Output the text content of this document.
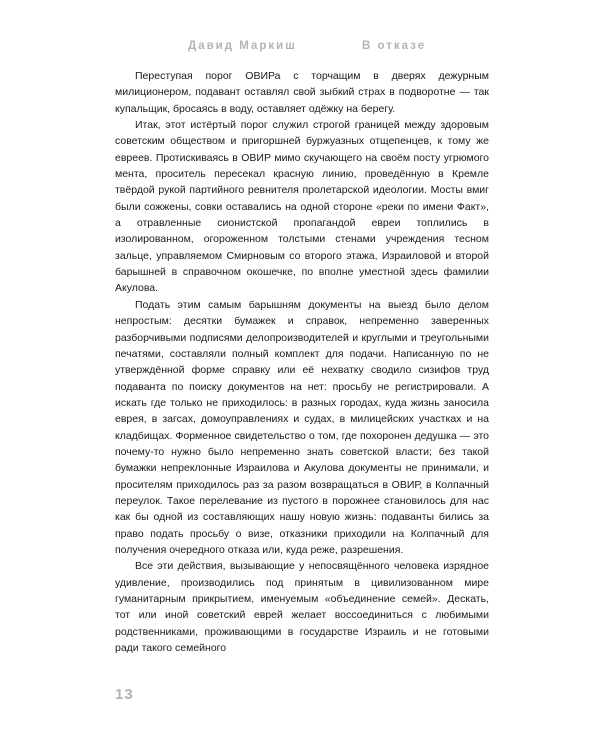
Давид Маркиш	В отказе

Переступая порог ОВИРа с торчащим в дверях дежурным милиционером, подавант оставлял свой зыбкий страх в подворотне — так купальщик, бросаясь в воду, оставляет одёжку на берегу.

Итак, этот истёртый порог служил строгой границей между здоровым советским обществом и пригоршней буржуазных отщепенцев, к тому же евреев. Протискиваясь в ОВИР мимо скучающего на своём посту угрюмого мента, проситель пересекал красную линию, проведённую в Кремле твёрдой рукой партийного ревнителя пролетарской идеологии. Мосты вмиг были сожжены, совки оставались на одной стороне «реки по имени Факт», а отравленные сионистской пропагандой евреи топлились в изолированном, огороженном толстыми стенами учреждения тесном зальце, управляемом Смирновым со второго этажа, Израиловой и второй барышней в справочном окошечке, по вполне уместной здесь фамилии Акулова.

Подать этим самым барышням документы на выезд было делом непростым: десятки бумажек и справок, непременно заверенных разборчивыми подписями делопроизводителей и круглыми и треугольными печатями, составляли полный комплект для подачи. Написанную по не утверждённой форме справку или её нехватку сводило сизифов труд подаванта по поиску документов на нет: просьбу не регистрировали. А искать где только не приходилось: в разных городах, куда жизнь заносила еврея, в загсах, домоуправлениях и судах, в милицейских участках и на кладбищах. Форменное свидетельство о том, где похоронен дедушка — это почему-то нужно было непременно знать советской власти; без такой бумажки непреклонные Израилова и Акулова документы не принимали, и просителям приходилось раз за разом возвращаться в ОВИР, в Колпачный переулок. Такое перелевание из пустого в порожнее становилось для нас как бы одной из составляющих нашу новую жизнь: подаванты бились за право подать просьбу о визе, отказники приходили на Колпачный для получения очередного отказа или, куда реже, разрешения.

Все эти действия, вызывающие у непосвящённого человека изрядное удивление, производились под принятым в цивилизованном мире гуманитарным прикрытием, именуемым «объединение семей». Дескать, тот или иной советский еврей желает воссоединиться с любимыми родственниками, проживающими в государстве Израиль и не готовыми ради такого семейного

13
